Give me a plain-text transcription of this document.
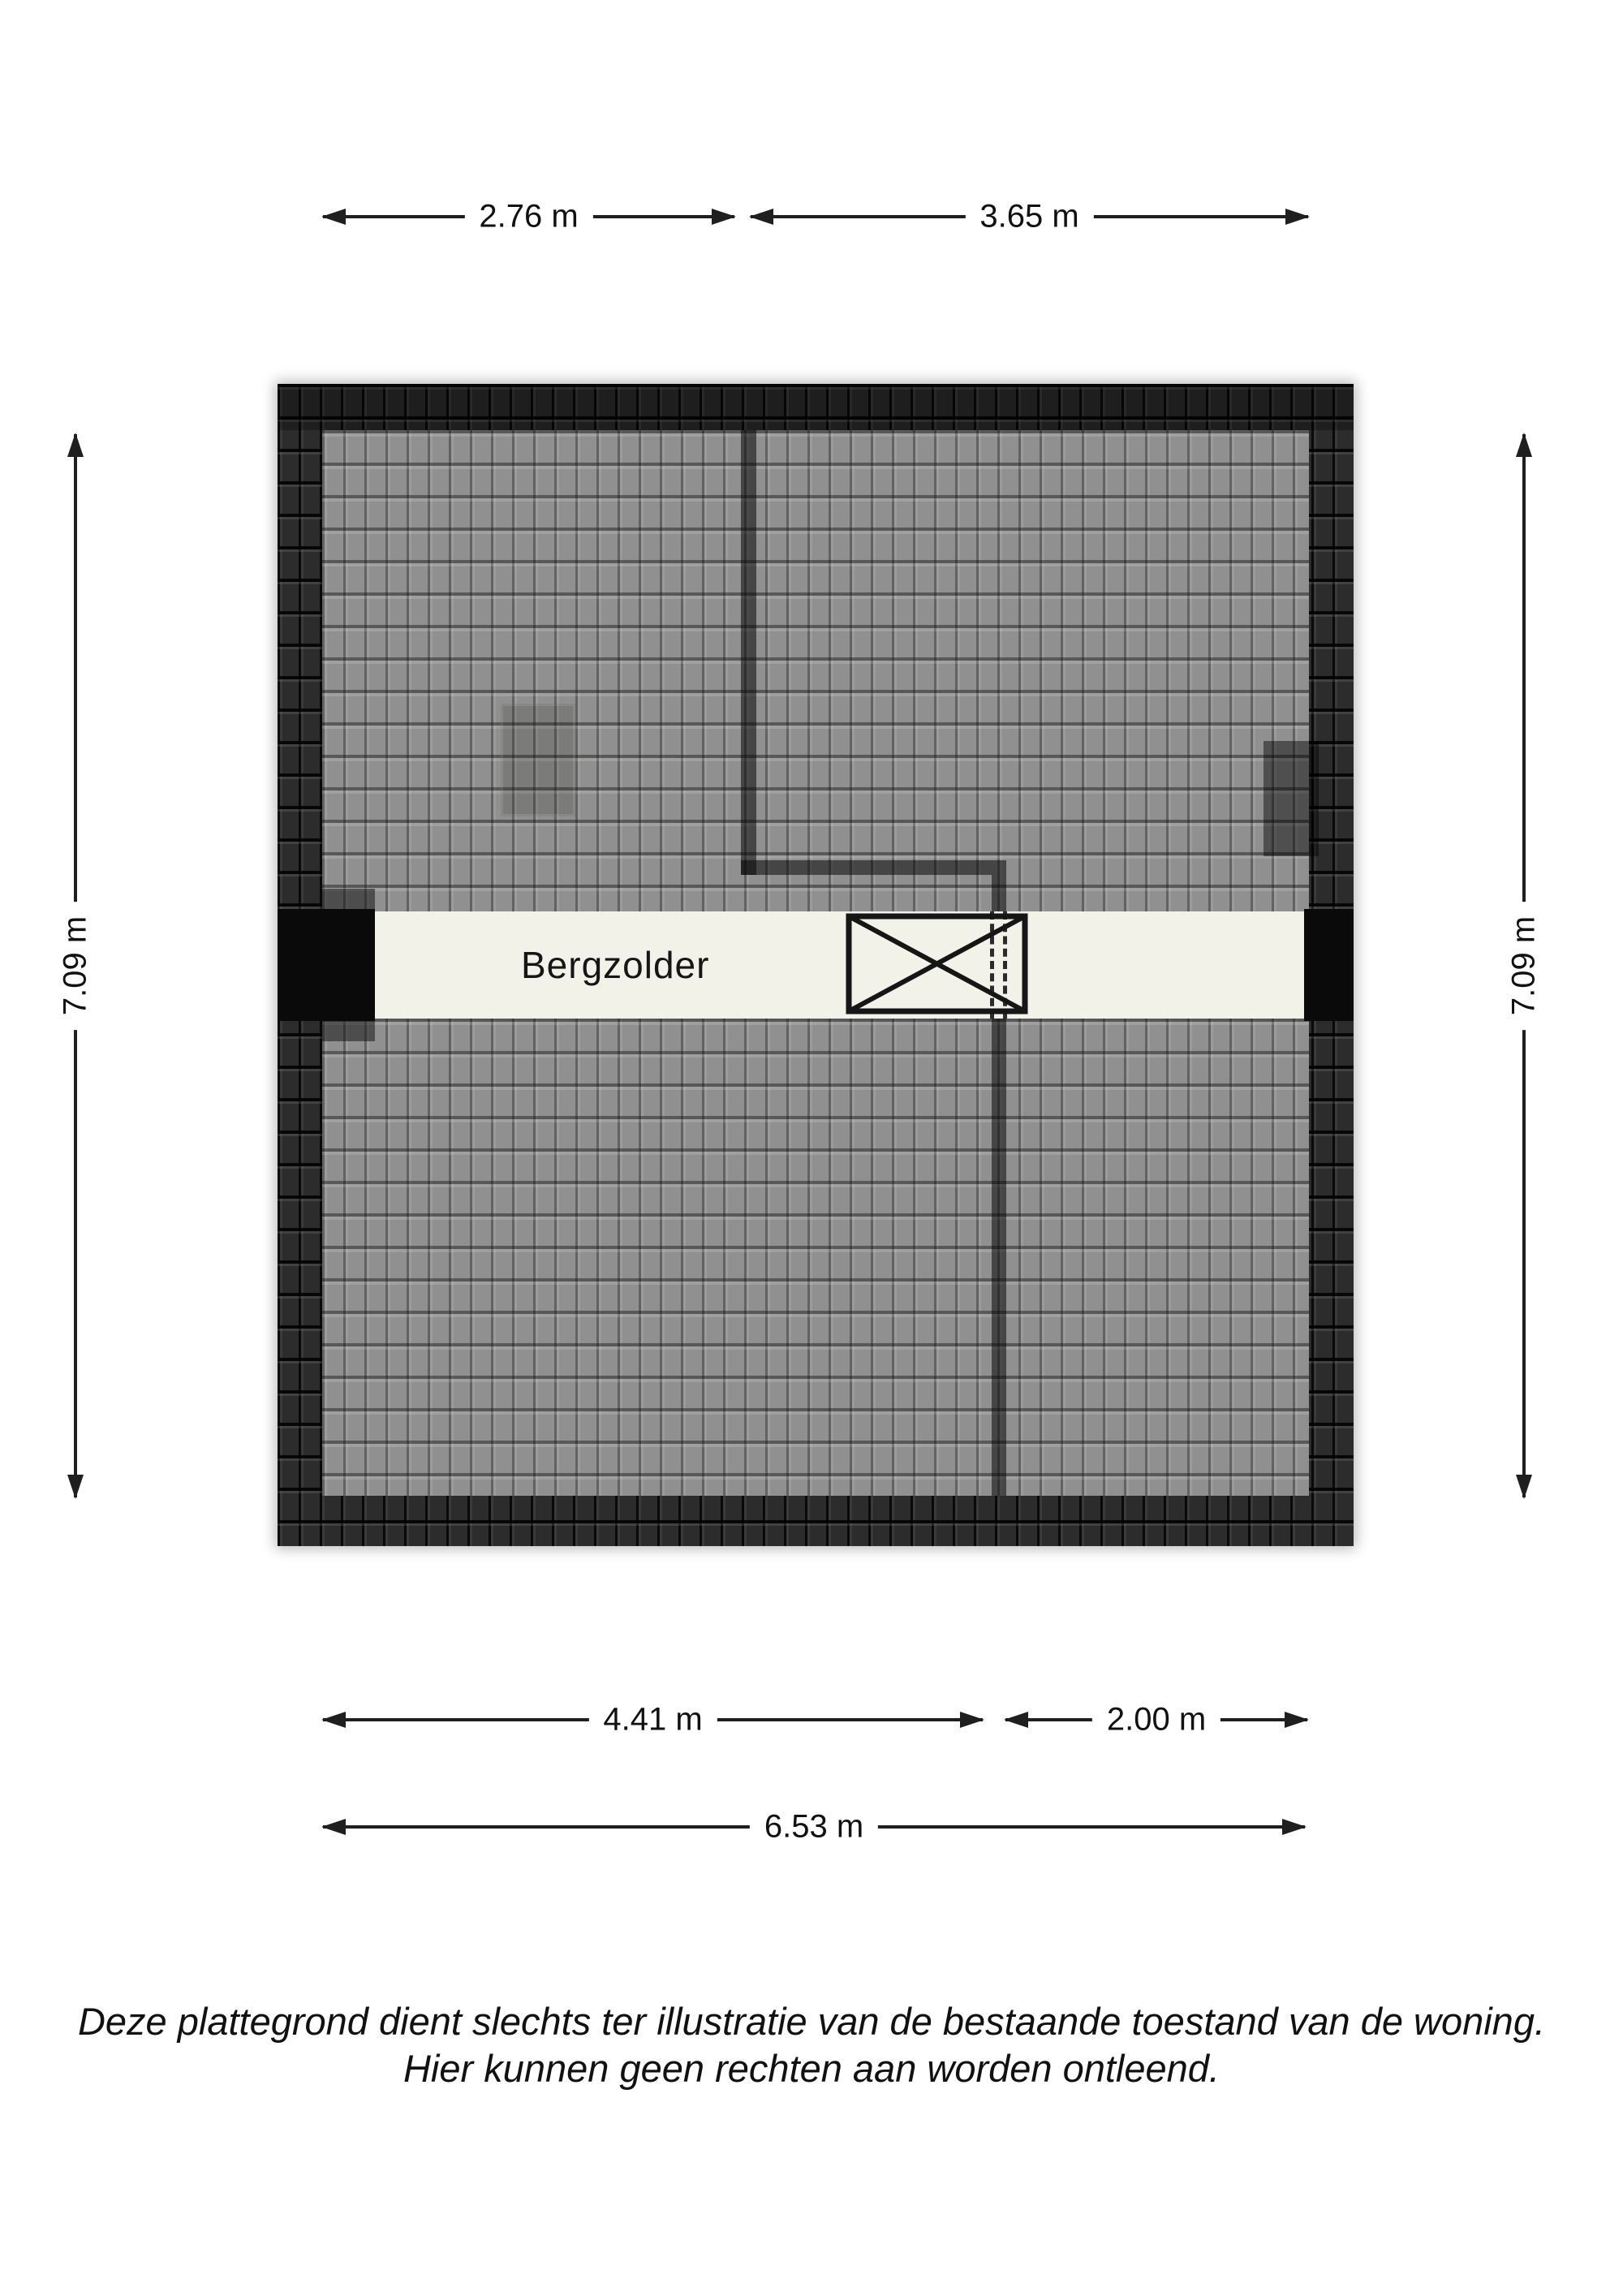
2.76 m	3.65 m
7.09 m	7.09 m
Bergzolder
4.41 m	2.00 m
6.53 m
Deze plattegrond dient slechts ter illustratie van de bestaande toestand van de woning.
Hier kunnen geen rechten aan worden ontleend.
